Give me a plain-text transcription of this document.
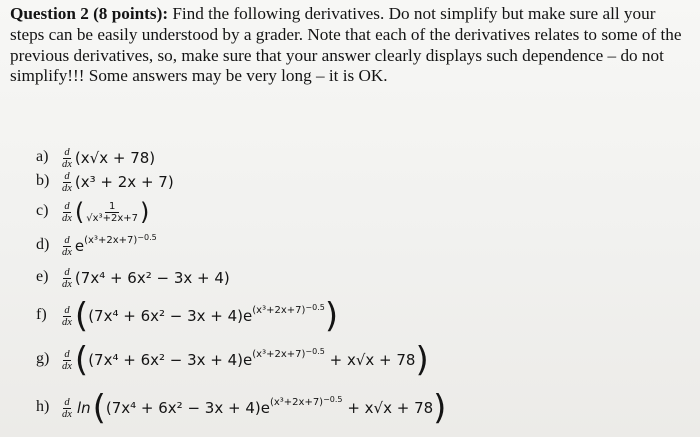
Question 2 (8 points): Find the following derivatives. Do not simplify but make sure all your steps can be easily understood by a grader. Note that each of the derivatives relates to some of the previous derivatives, so, make sure that your answer clearly displays such dependence – do not simplify!!! Some answers may be very long – it is OK.

a) d
dx (x√x + 78)
b) d
dx (x³ + 2x + 7)
c) d
dx ( $\frac{1}{\text{√x³+2x+7}}$ )
d) d
dx e (x³+2x+7) −0.5
e) d
dx (7x⁴ + 6x² − 3x + 4)
f) d
dx ( (7x⁴ + 6x² − 3x + 4)e (x³+2x+7) −0.5 )
g) d
dx ( (7x⁴ + 6x² − 3x + 4)e (x³+2x+7) −0.5
+ x√x + 78 )
h) d
dx ln ( (7x⁴ + 6x² − 3x + 4)e (x³+2x+7) −0.5
+ x√x + 78 )
